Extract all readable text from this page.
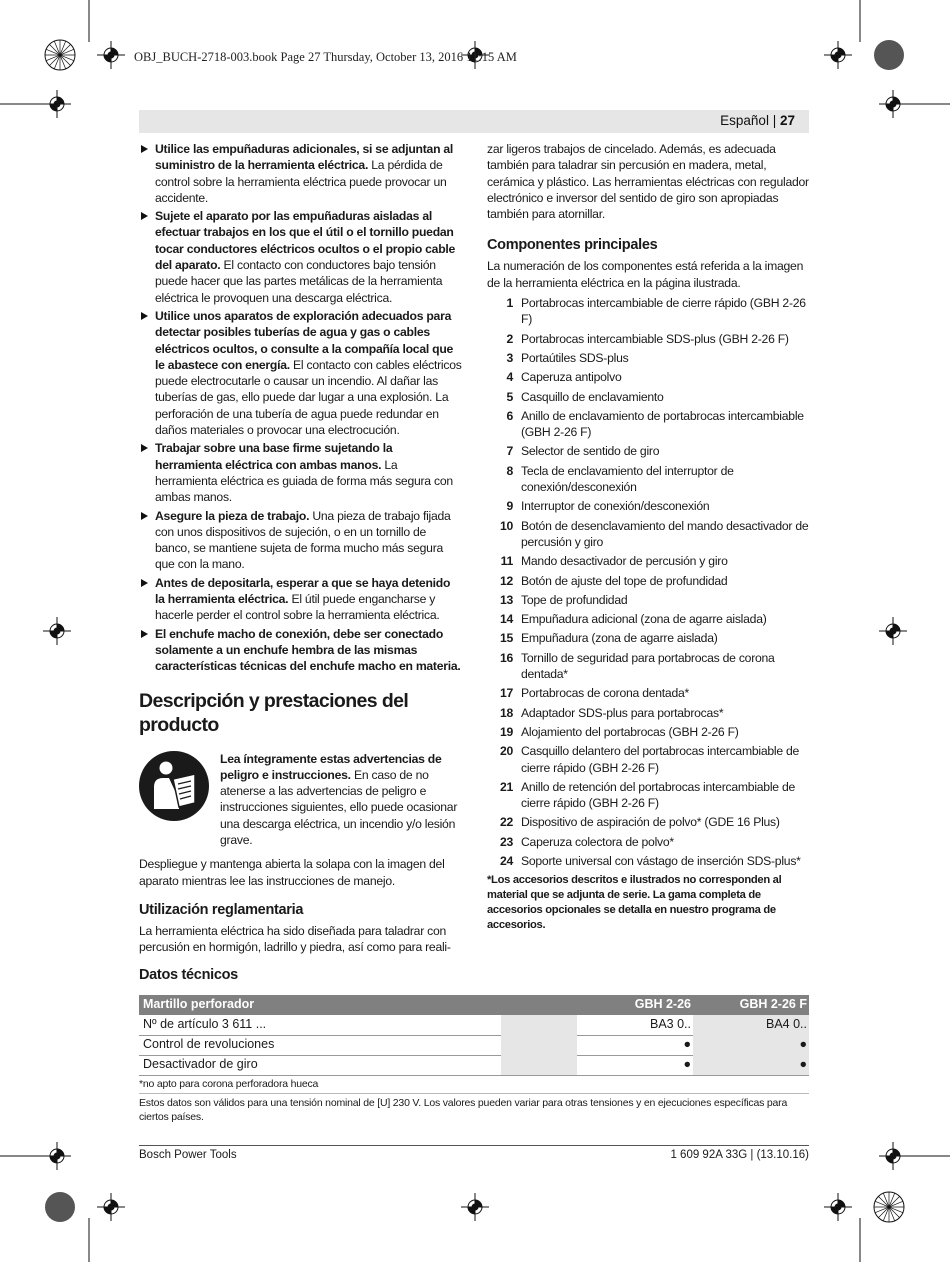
OBJ_BUCH-2718-003.book Page 27 Thursday, October 13, 2016 11:15 AM
Español | 27
Utilice las empuñaduras adicionales, si se adjuntan al suministro de la herramienta eléctrica. La pérdida de control sobre la herramienta eléctrica puede provocar un accidente.
Sujete el aparato por las empuñaduras aisladas al efectuar trabajos en los que el útil o el tornillo puedan tocar conductores eléctricos ocultos o el propio cable del aparato. El contacto con conductores bajo tensión puede hacer que las partes metálicas de la herramienta eléctrica le provoquen una descarga eléctrica.
Utilice unos aparatos de exploración adecuados para detectar posibles tuberías de agua y gas o cables eléctricos ocultos, o consulte a la compañía local que le abastece con energía. El contacto con cables eléctricos puede electrocutarle o causar un incendio. Al dañar las tuberías de gas, ello puede dar lugar a una explosión. La perforación de una tubería de agua puede redundar en daños materiales o provocar una electrocución.
Trabajar sobre una base firme sujetando la herramienta eléctrica con ambas manos. La herramienta eléctrica es guiada de forma más segura con ambas manos.
Asegure la pieza de trabajo. Una pieza de trabajo fijada con unos dispositivos de sujeción, o en un tornillo de banco, se mantiene sujeta de forma mucho más segura que con la mano.
Antes de depositarla, esperar a que se haya detenido la herramienta eléctrica. El útil puede engancharse y hacerle perder el control sobre la herramienta eléctrica.
El enchufe macho de conexión, debe ser conectado solamente a un enchufe hembra de las mismas características técnicas del enchufe macho en materia.
Descripción y prestaciones del producto

Lea íntegramente estas advertencias de peligro e instrucciones. En caso de no atenerse a las advertencias de peligro e instrucciones siguientes, ello puede ocasionar una descarga eléctrica, un incendio y/o lesión grave.

Despliegue y mantenga abierta la solapa con la imagen del aparato mientras lee las instrucciones de manejo.

Utilización reglamentaria

La herramienta eléctrica ha sido diseñada para taladrar con percusión en hormigón, ladrillo y piedra, así como para reali-

zar ligeros trabajos de cincelado. Además, es adecuada también para taladrar sin percusión en madera, metal, cerámica y plástico. Las herramientas eléctricas con regulador electrónico e inversor del sentido de giro son apropiadas también para atornillar.

Componentes principales

La numeración de los componentes está referida a la imagen de la herramienta eléctrica en la página ilustrada.

1 Portabrocas intercambiable de cierre rápido (GBH 2-26 F)
2 Portabrocas intercambiable SDS-plus (GBH 2-26 F)
3 Portaútiles SDS-plus
4 Caperuza antipolvo
5 Casquillo de enclavamiento
6 Anillo de enclavamiento de portabrocas intercambiable (GBH 2-26 F)
7 Selector de sentido de giro
8 Tecla de enclavamiento del interruptor de conexión/desconexión
9 Interruptor de conexión/desconexión
10 Botón de desenclavamiento del mando desactivador de percusión y giro
11 Mando desactivador de percusión y giro
12 Botón de ajuste del tope de profundidad
13 Tope de profundidad
14 Empuñadura adicional (zona de agarre aislada)
15 Empuñadura (zona de agarre aislada)
16 Tornillo de seguridad para portabrocas de corona dentada*
17 Portabrocas de corona dentada*
18 Adaptador SDS-plus para portabrocas*
19 Alojamiento del portabrocas (GBH 2-26 F)
20 Casquillo delantero del portabrocas intercambiable de cierre rápido (GBH 2-26 F)
21 Anillo de retención del portabrocas intercambiable de cierre rápido (GBH 2-26 F)
22 Dispositivo de aspiración de polvo* (GDE 16 Plus)
23 Caperuza colectora de polvo*
24 Soporte universal con vástago de inserción SDS-plus*

*Los accesorios descritos e ilustrados no corresponden al material que se adjunta de serie. La gama completa de accesorios opcionales se detalla en nuestro programa de accesorios.

Datos técnicos
Martillo perforador	GBH 2-26	GBH 2-26 F
Nº de artículo 3 611 ...	BA3 0..	BA4 0..
Control de revoluciones	●	●
Desactivador de giro	●	●
*no apto para corona perforadora hueca
Estos datos son válidos para una tensión nominal de [U] 230 V. Los valores pueden variar para otras tensiones y en ejecuciones específicas para ciertos países.
Bosch Power Tools	1 609 92A 33G | (13.10.16)
